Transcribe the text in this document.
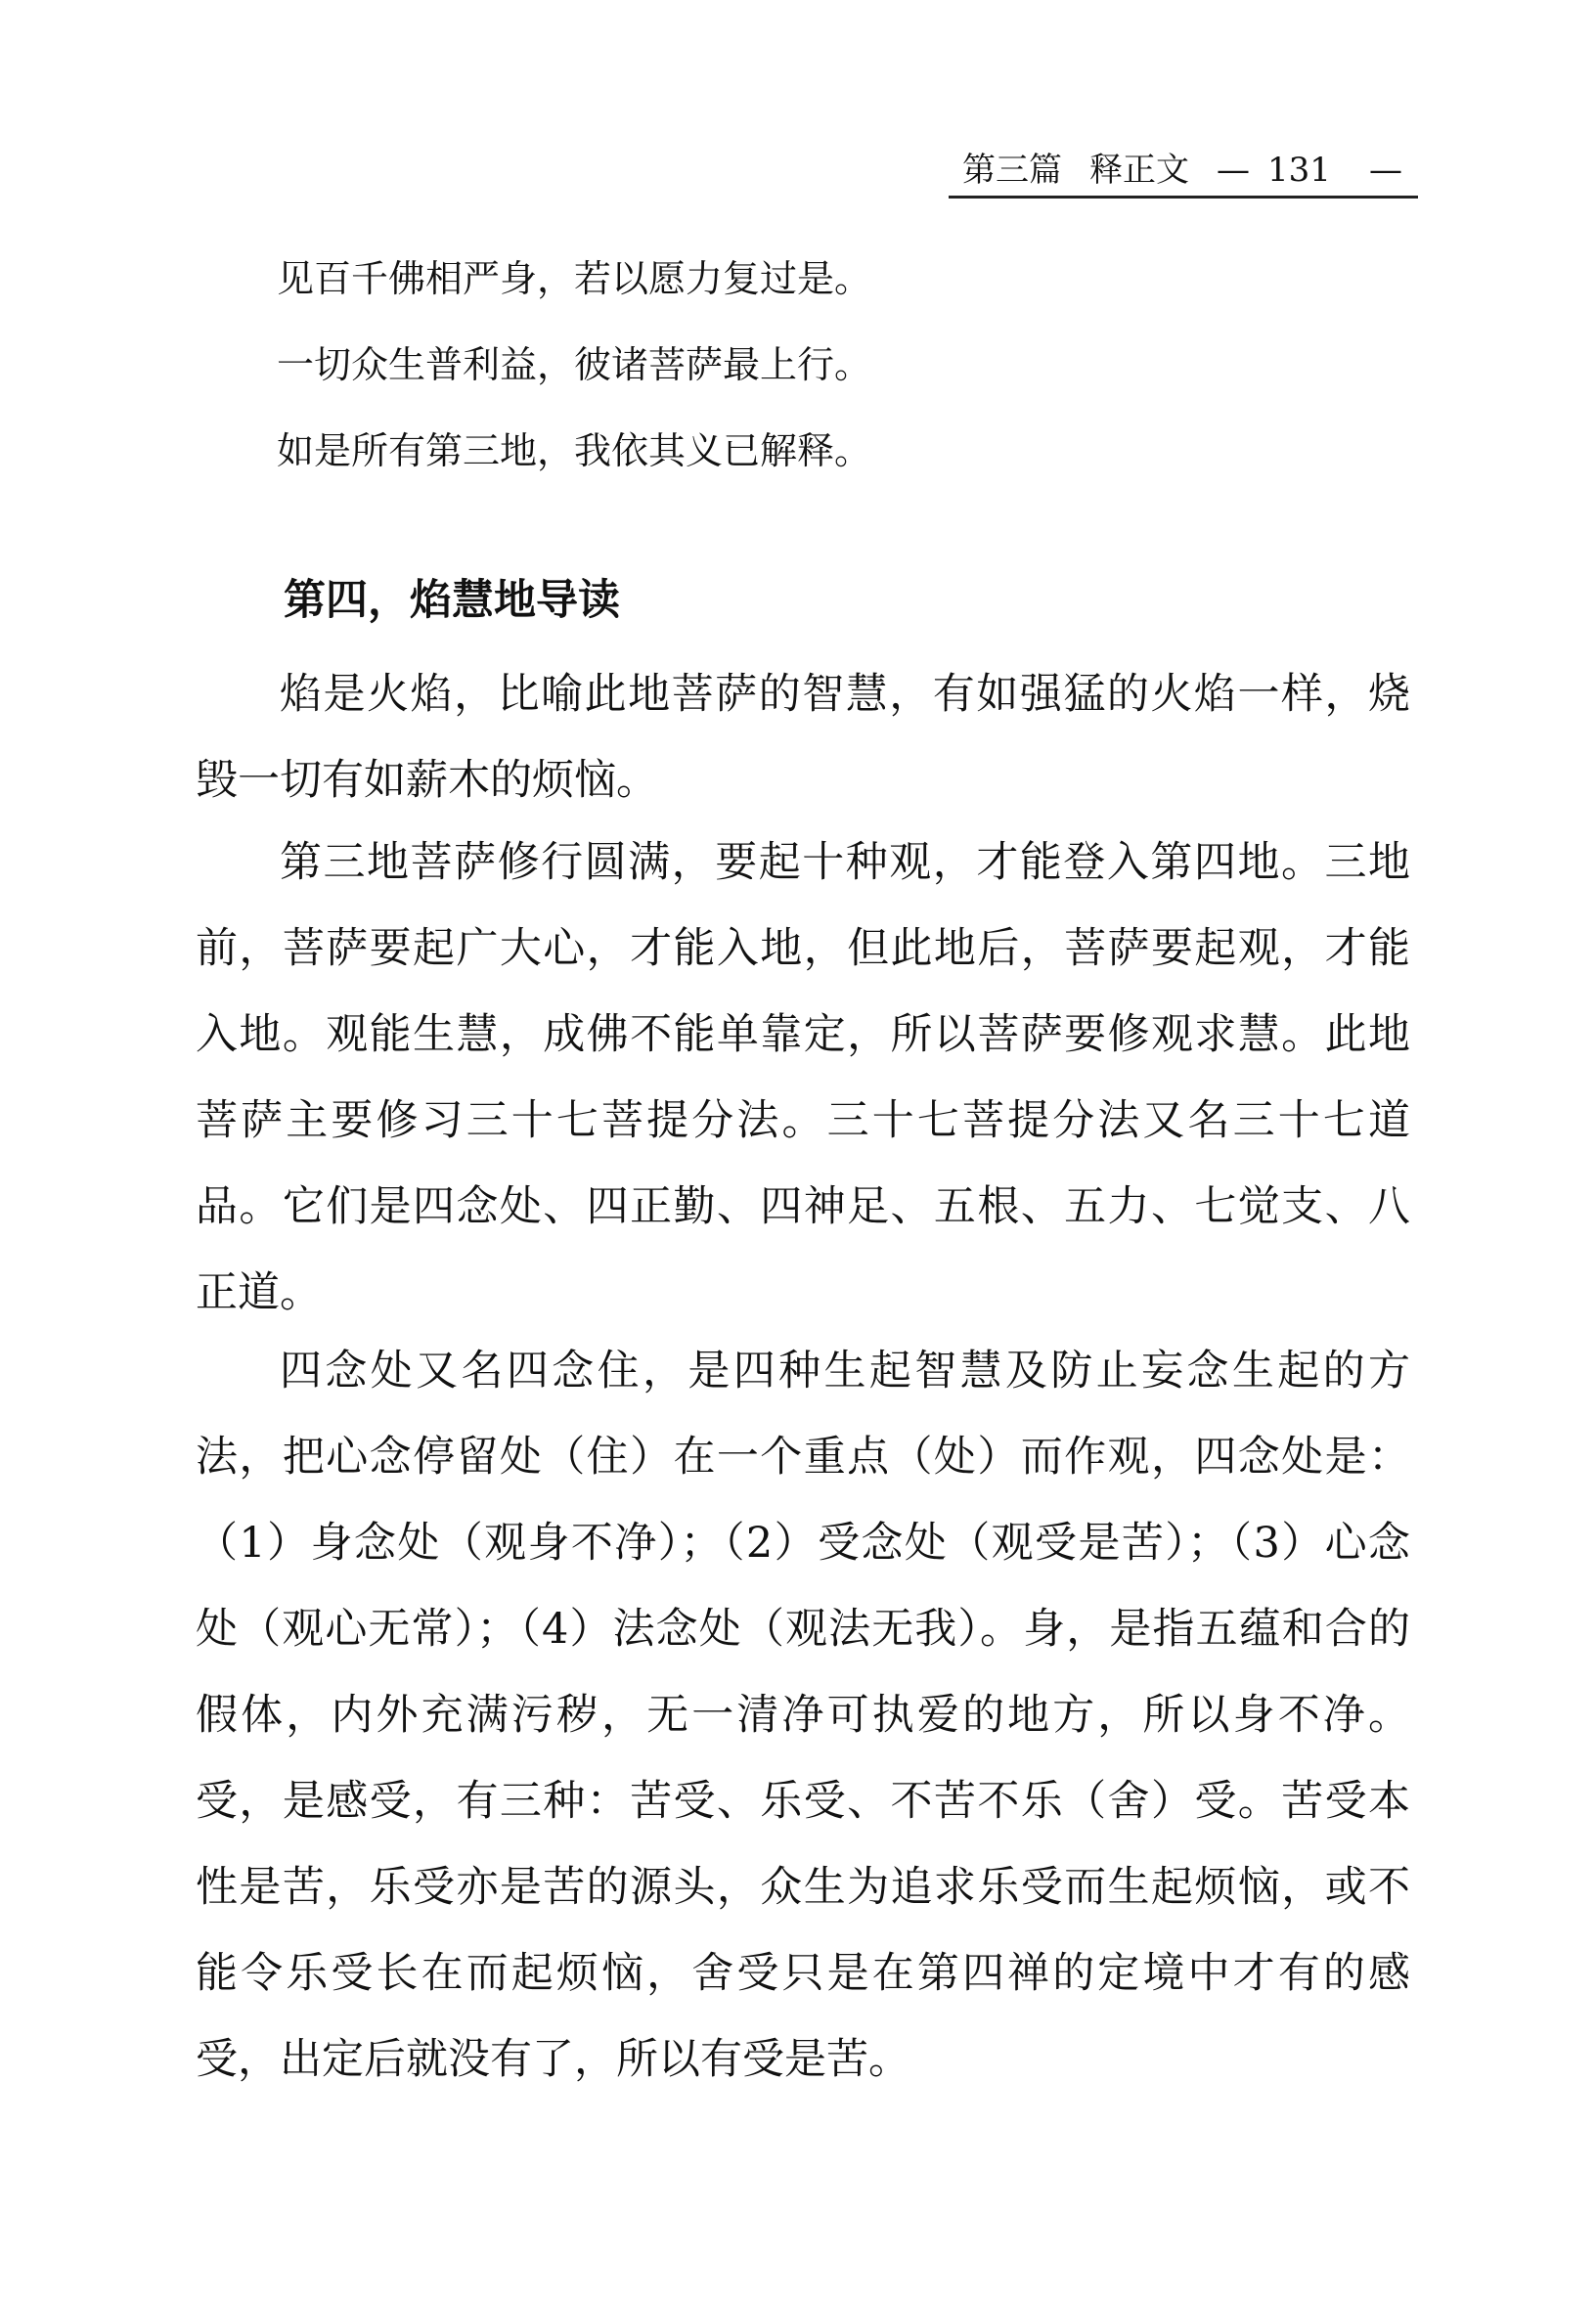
第三篇 释正文 — 131 —
见百千佛相严身，若以愿力复过是。
一切众生普利益，彼诸菩萨最上行。
如是所有第三地，我依其义已解释。
第四，焰慧地导读

焰是火焰，比喻此地菩萨的智慧，有如强猛的火焰一样，烧毁一切有如薪木的烦恼。

第三地菩萨修行圆满，要起十种观，才能登入第四地。三地前，菩萨要起广大心，才能入地，但此地后，菩萨要起观，才能入地。观能生慧，成佛不能单靠定，所以菩萨要修观求慧。此地菩萨主要修习三十七菩提分法。三十七菩提分法又名三十七道品。它们是四念处、四正勤、四神足、五根、五力、七觉支、八正道。

四念处又名四念住，是四种生起智慧及防止妄念生起的方法，把心念停留处（住）在一个重点（处）而作观，四念处是：（1）身念处（观身不净）；（2）受念处（观受是苦）；（3）心念处（观心无常）；（4）法念处（观法无我）。身，是指五蕴和合的假体，内外充满污秽，无一清净可执爱的地方，所以身不净。受，是感受，有三种：苦受、乐受、不苦不乐（舍）受。苦受本性是苦，乐受亦是苦的源头，众生为追求乐受而生起烦恼，或不能令乐受长在而起烦恼，舍受只是在第四禅的定境中才有的感受，出定后就没有了，所以有受是苦。
